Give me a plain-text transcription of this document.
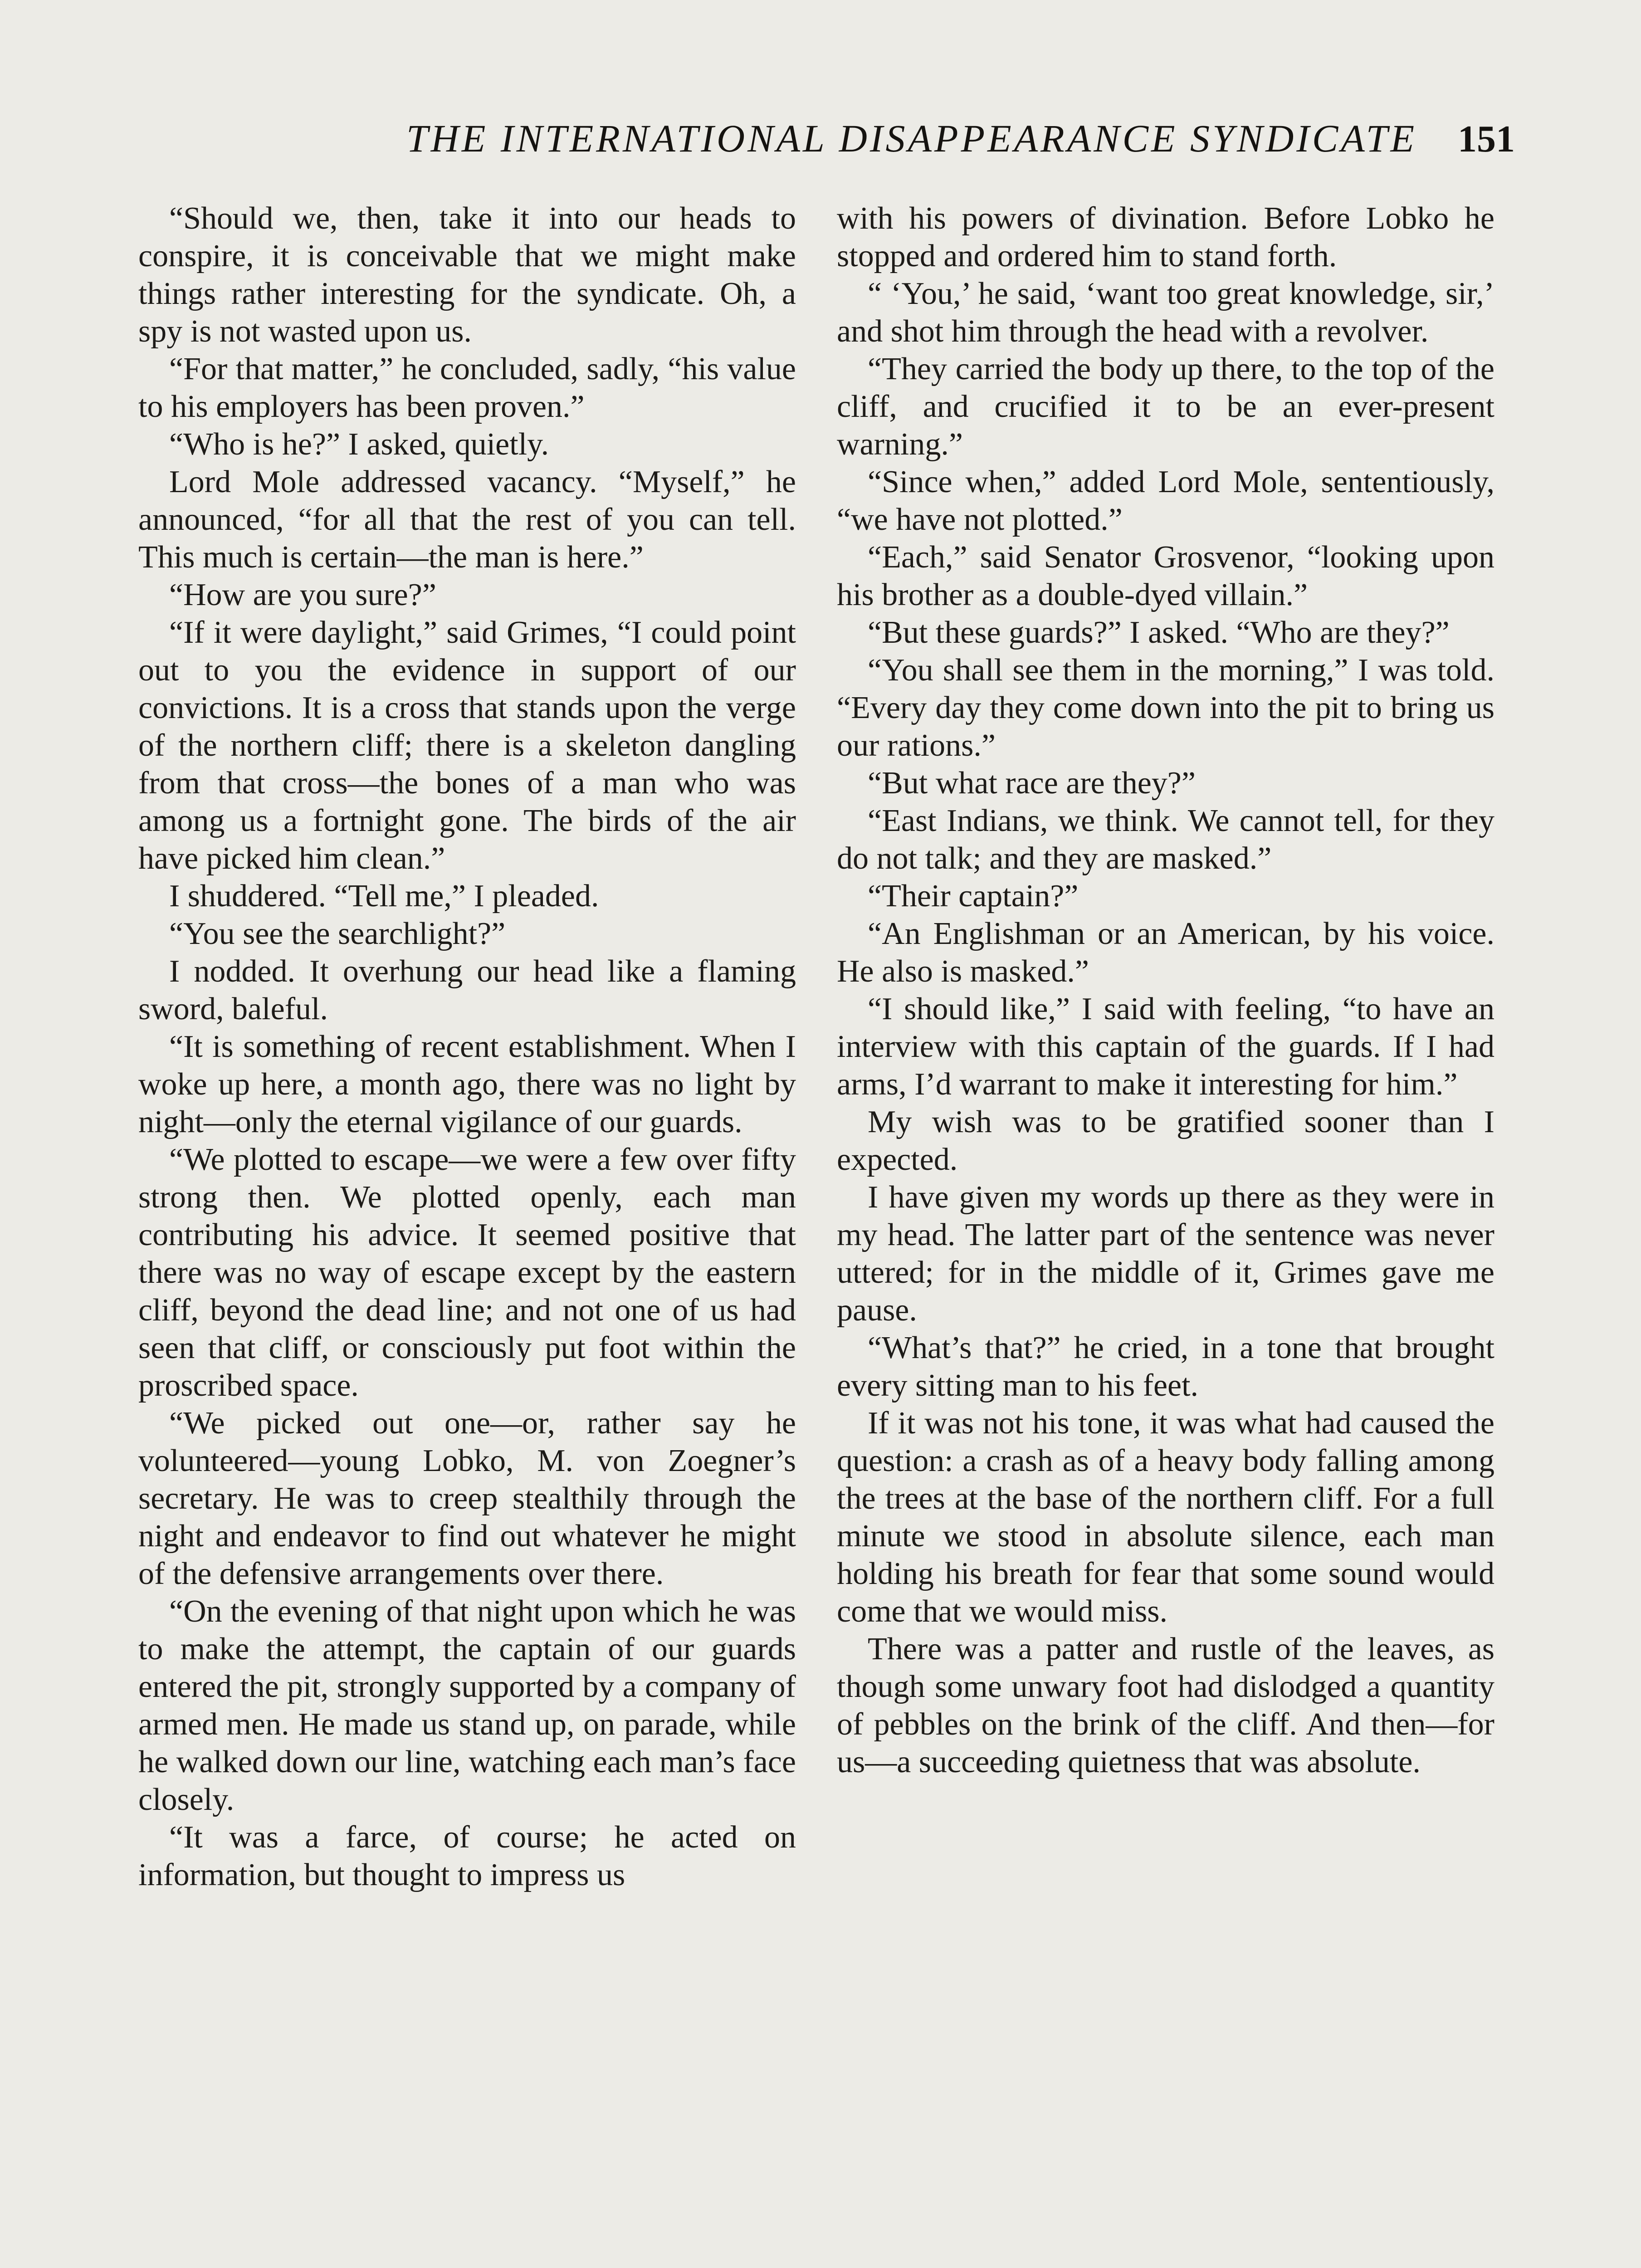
THE INTERNATIONAL DISAPPEARANCE SYNDICATE 151

“Should we, then, take it into our heads to conspire, it is conceivable that we might make things rather interesting for the syndicate. Oh, a spy is not wasted upon us.

“For that matter,” he concluded, sadly, “his value to his employers has been proven.”

“Who is he?” I asked, quietly.

Lord Mole addressed vacancy. “Myself,” he announced, “for all that the rest of you can tell. This much is certain—the man is here.”

“How are you sure?”

“If it were daylight,” said Grimes, “I could point out to you the evidence in support of our convictions. It is a cross that stands upon the verge of the northern cliff; there is a skeleton dangling from that cross—the bones of a man who was among us a fortnight gone. The birds of the air have picked him clean.”

I shuddered. “Tell me,” I pleaded.

“You see the searchlight?”

I nodded. It overhung our head like a flaming sword, baleful.

“It is something of recent establishment. When I woke up here, a month ago, there was no light by night—only the eternal vigilance of our guards.

“We plotted to escape—we were a few over fifty strong then. We plotted openly, each man contributing his advice. It seemed positive that there was no way of escape except by the eastern cliff, beyond the dead line; and not one of us had seen that cliff, or consciously put foot within the proscribed space.

“We picked out one—or, rather say he volunteered—young Lobko, M. von Zoegner’s secretary. He was to creep stealthily through the night and endeavor to find out whatever he might of the defensive arrangements over there.

“On the evening of that night upon which he was to make the attempt, the captain of our guards entered the pit, strongly supported by a company of armed men. He made us stand up, on parade, while he walked down our line, watching each man’s face closely.

“It was a farce, of course; he acted on information, but thought to impress us

with his powers of divination. Before Lobko he stopped and ordered him to stand forth.

“ ‘You,’ he said, ‘want too great knowledge, sir,’ and shot him through the head with a revolver.

“They carried the body up there, to the top of the cliff, and crucified it to be an ever-present warning.”

“Since when,” added Lord Mole, sententiously, “we have not plotted.”

“Each,” said Senator Grosvenor, “looking upon his brother as a double-dyed villain.”

“But these guards?” I asked. “Who are they?”

“You shall see them in the morning,” I was told. “Every day they come down into the pit to bring us our rations.”

“But what race are they?”

“East Indians, we think. We cannot tell, for they do not talk; and they are masked.”

“Their captain?”

“An Englishman or an American, by his voice. He also is masked.”

“I should like,” I said with feeling, “to have an interview with this captain of the guards. If I had arms, I’d warrant to make it interesting for him.”

My wish was to be gratified sooner than I expected.

I have given my words up there as they were in my head. The latter part of the sentence was never uttered; for in the middle of it, Grimes gave me pause.

“What’s that?” he cried, in a tone that brought every sitting man to his feet.

If it was not his tone, it was what had caused the question: a crash as of a heavy body falling among the trees at the base of the northern cliff. For a full minute we stood in absolute silence, each man holding his breath for fear that some sound would come that we would miss.

There was a patter and rustle of the leaves, as though some unwary foot had dislodged a quantity of pebbles on the brink of the cliff. And then—for us—a succeeding quietness that was absolute.
